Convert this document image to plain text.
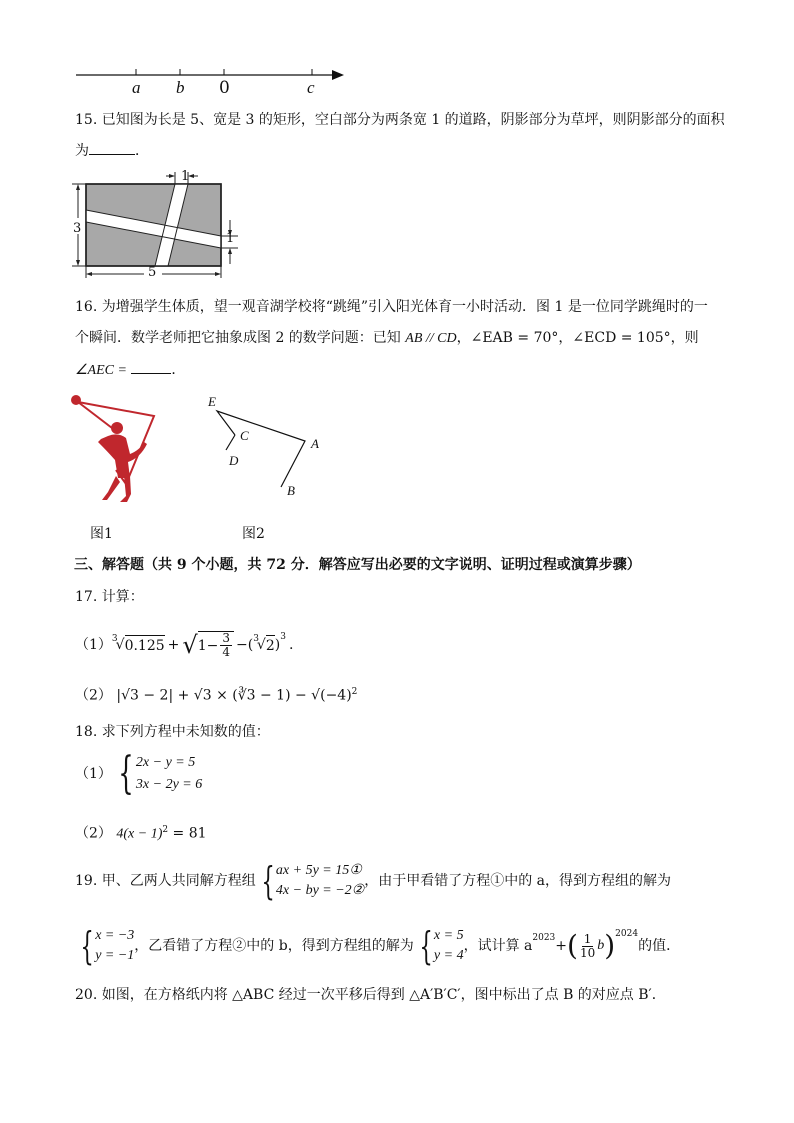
a b 0	c
15. 已知图为长是 5、宽是 3 的矩形，空白部分为两条宽 1 的道路，阴影部分为草坪，则阴影部分的面积
为	．
1
1
3
5
16. 为增强学生体质，望一观音湖学校将“跳绳”引入阳光体育一小时活动．图 1 是一位同学跳绳时的一
个瞬间．数学老师把它抽象成图 2 的数学问题：已知 AB // CD，∠EAB = 70°，∠ECD = 105°，则
∠AEC =	．
E
C
D
A
B
图1	图2
三、解答题（共 9 个小题，共 72 分．解答应写出必要的文字说明、证明过程或演算步骤）
17. 计算：
$(1)^3$
√ 0.125 + √ $1- \frac{3}{4} -(^3$
√ 2 )$^3$ .
（2） |√3 − 2| + √3 × (∛3 − $1) - √(-4)^2$
18. 求下列方程中未知数的值：
（1） { 2x − y = 5
3x − 2y = 6
（2） $4(x - 1)^2 = 81$
19. 甲、乙两人共同解方程组 { ax + 5y = 15①
4x − by = −2②
，由于甲看错了方程①中的 a，得到方程组的解为
{ x = −3
y = −1
，乙看错了方程②中的 b，得到方程组的解为 { x = 5
y = 4
，试计算 $a^{2023}$ + ( $\frac{1}{10}$ b )$^{2024}$
的值．
20. 如图，在方格纸内将 △ABC 经过一次平移后得到 △A′B′C′，图中标出了点 B 的对应点 B′．
